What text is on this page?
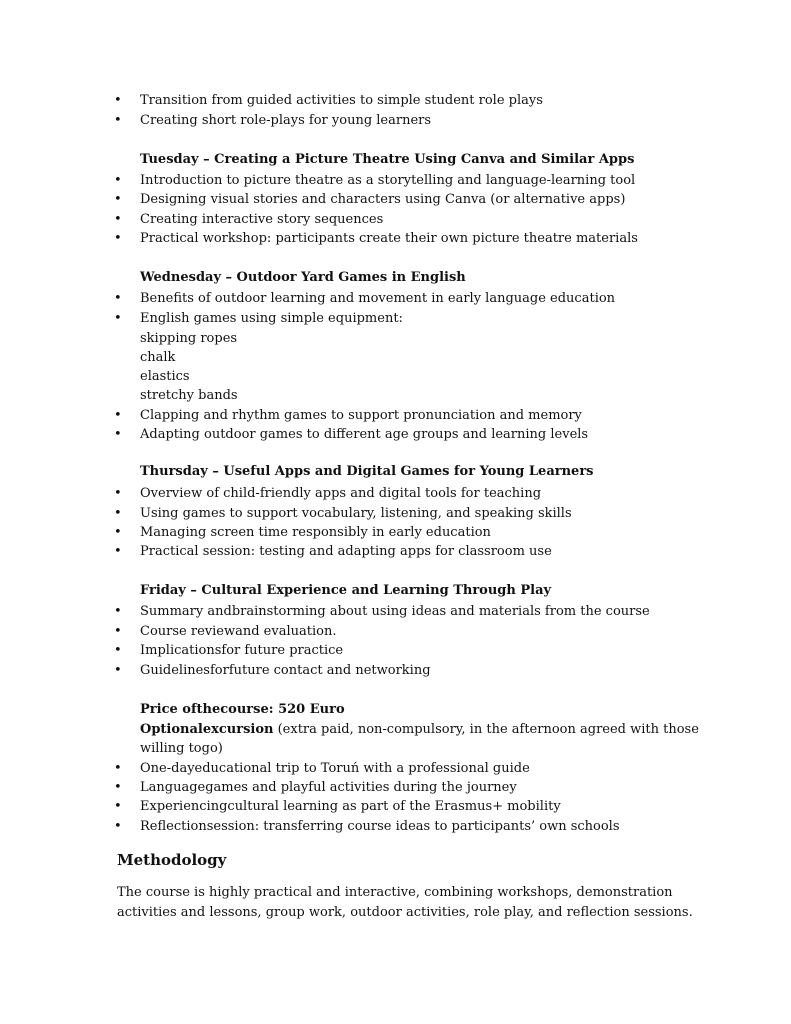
• Transition from guided activities to simple student role plays
• Creating short role-plays for young learners
Tuesday – Creating a Picture Theatre Using Canva and Similar Apps
• Introduction to picture theatre as a storytelling and language-learning tool
• Designing visual stories and characters using Canva (or alternative apps)
• Creating interactive story sequences
• Practical workshop: participants create their own picture theatre materials
Wednesday – Outdoor Yard Games in English
• Benefits of outdoor learning and movement in early language education
• English games using simple equipment:
skipping ropes
chalk
elastics
stretchy bands
• Clapping and rhythm games to support pronunciation and memory
• Adapting outdoor games to different age groups and learning levels
Thursday – Useful Apps and Digital Games for Young Learners
• Overview of child-friendly apps and digital tools for teaching
• Using games to support vocabulary, listening, and speaking skills
• Managing screen time responsibly in early education
• Practical session: testing and adapting apps for classroom use
Friday – Cultural Experience and Learning Through Play
• Summary andbrainstorming about using ideas and materials from the course
• Course reviewand evaluation.
• Implicationsfor future practice
• Guidelinesforfuture contact and networking
Price ofthecourse: 520 Euro
Optionalexcursion (extra paid, non-compulsory, in the afternoon agreed with those
willing togo)
• One-dayeducational trip to Toruń with a professional guide
• Languagegames and playful activities during the journey
• Experiencingcultural learning as part of the Erasmus+ mobility
• Reflectionsession: transferring course ideas to participants’ own schools
Methodology
The course is highly practical and interactive, combining workshops, demonstration
activities and lessons, group work, outdoor activities, role play, and reflection sessions.
